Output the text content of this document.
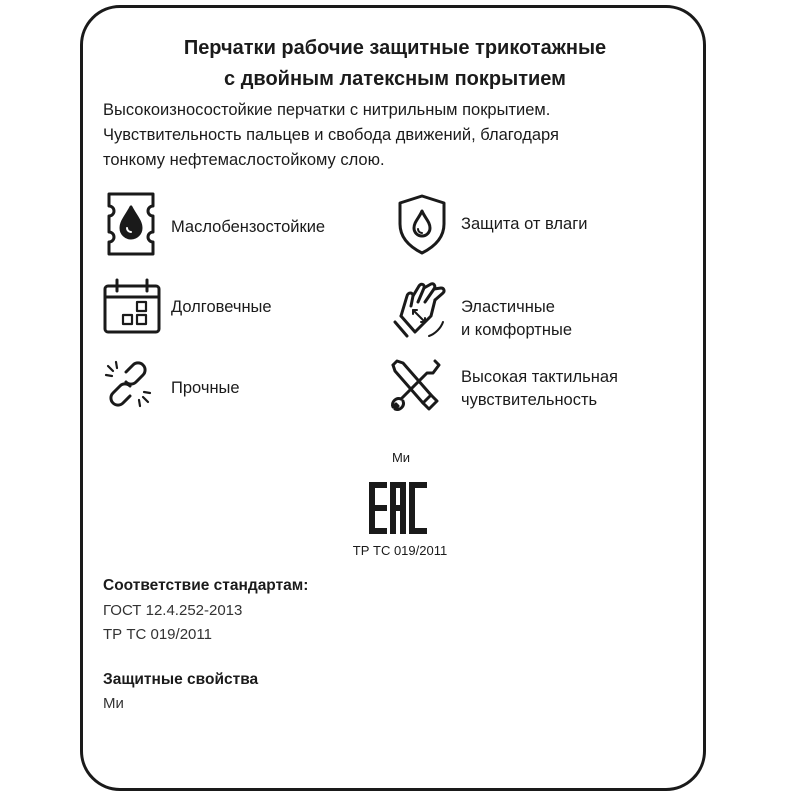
Перчатки рабочие защитные трикотажные
с двойным латексным покрытием

Высокоизносостойкие перчатки с нитрильным покрытием.
Чувствительность пальцев и свобода движений, благодаря
тонкому нефтемаслостойкому слою.

Маслобензостойкие	Защита от влаги
Долговечные	Эластичные
и комфортные
Прочные
Высокая тактильная
чувствительность
Ми
ТР ТС 019/2011
Соответствие стандартам:
ГОСТ 12.4.252-2013
ТР ТС 019/2011
Защитные свойства
Ми
